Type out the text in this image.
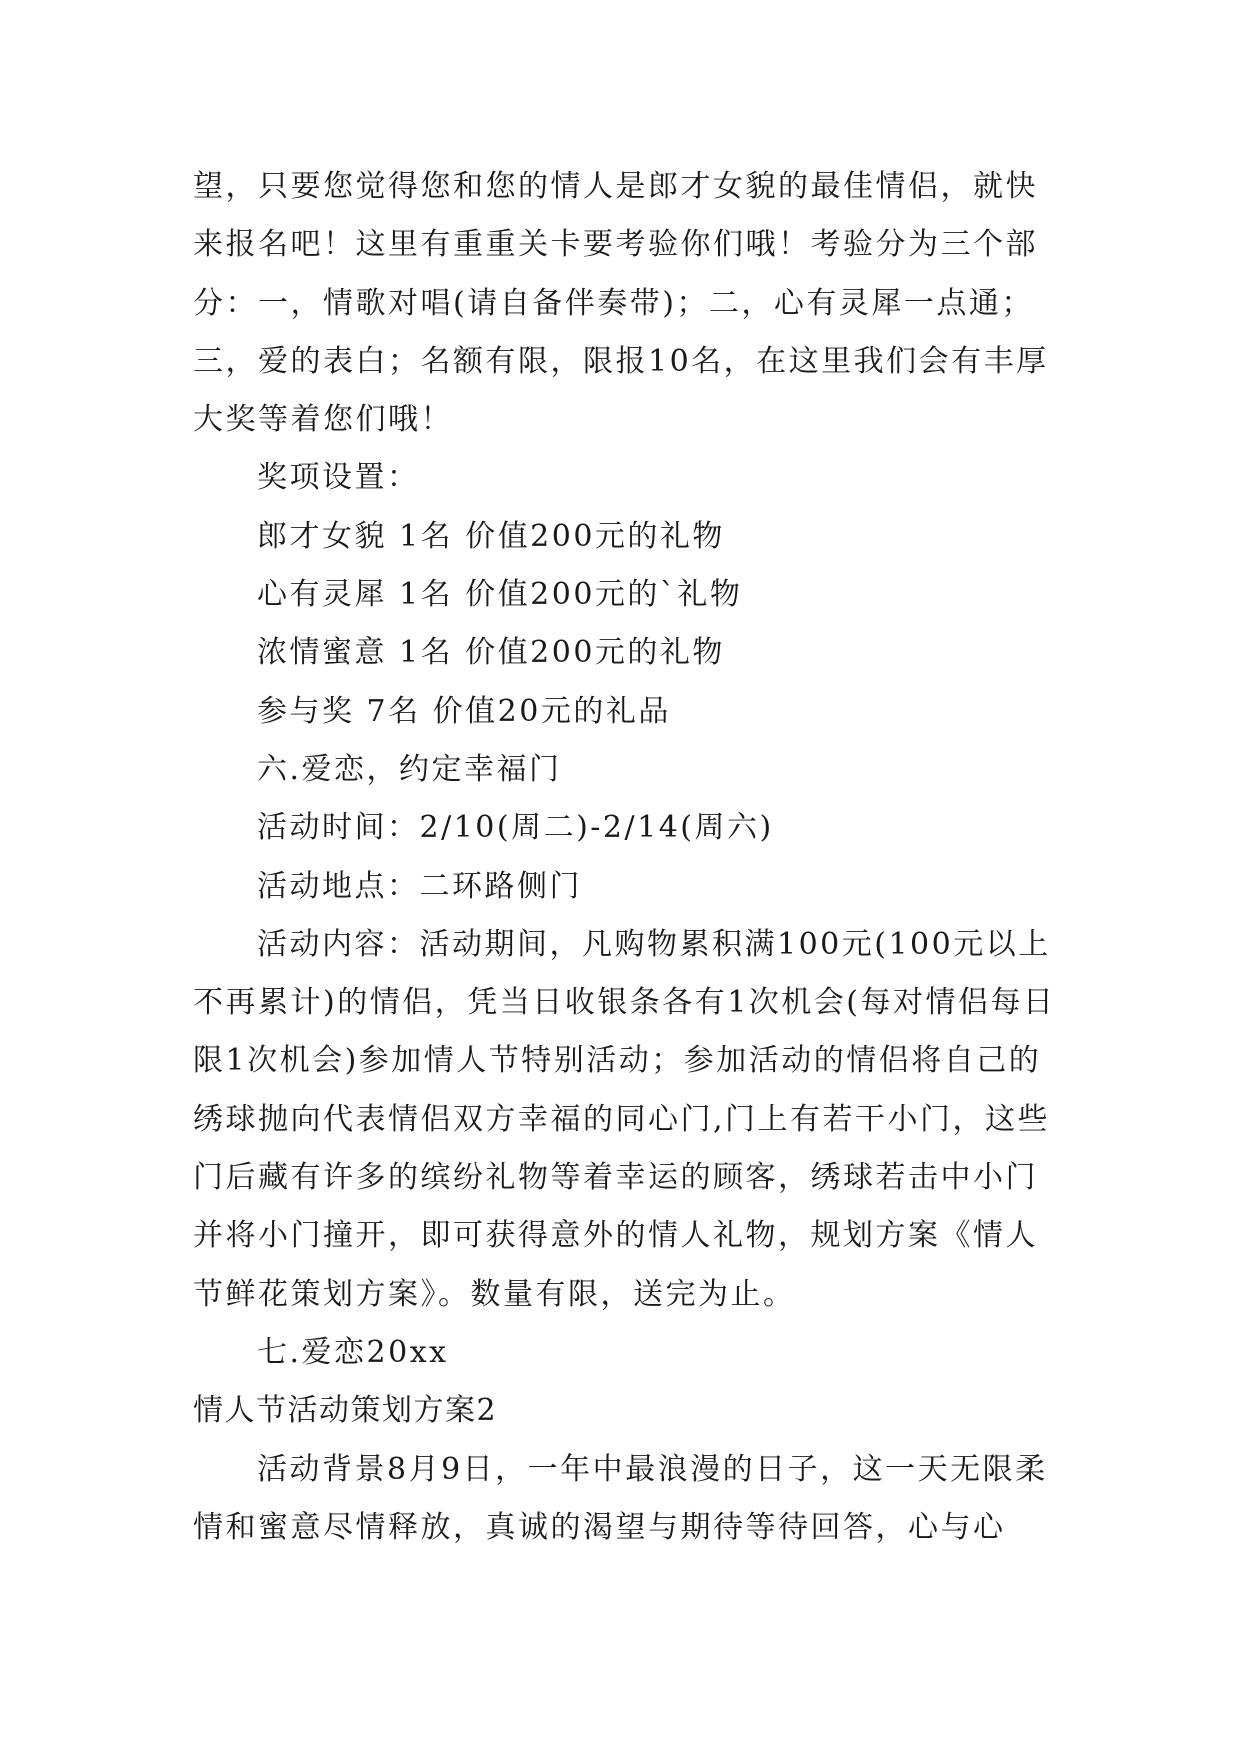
望，只要您觉得您和您的情人是郎才女貌的最佳情侣，就快来报名吧！这里有重重关卡要考验你们哦！考验分为三个部分：一，情歌对唱(请自备伴奏带)；二，心有灵犀一点通；三，爱的表白；名额有限，限报10名，在这里我们会有丰厚大奖等着您们哦！

奖项设置：

郎才女貌 1名 价值200元的礼物

心有灵犀 1名 价值200元的`礼物

浓情蜜意 1名 价值200元的礼物

参与奖 7名 价值20元的礼品

六.爱恋，约定幸福门

活动时间：2/10(周二)-2/14(周六)

活动地点：二环路侧门

活动内容：活动期间，凡购物累积满100元(100元以上不再累计)的情侣，凭当日收银条各有1次机会(每对情侣每日限1次机会)参加情人节特别活动；参加活动的情侣将自己的绣球抛向代表情侣双方幸福的同心门,门上有若干小门，这些门后藏有许多的缤纷礼物等着幸运的顾客，绣球若击中小门并将小门撞开，即可获得意外的情人礼物，规划方案《情人节鲜花策划方案》。数量有限，送完为止。

七.爱恋20xx

情人节活动策划方案2

活动背景8月9日，一年中最浪漫的日子，这一天无限柔情和蜜意尽情释放，真诚的渴望与期待等待回答，心与心
